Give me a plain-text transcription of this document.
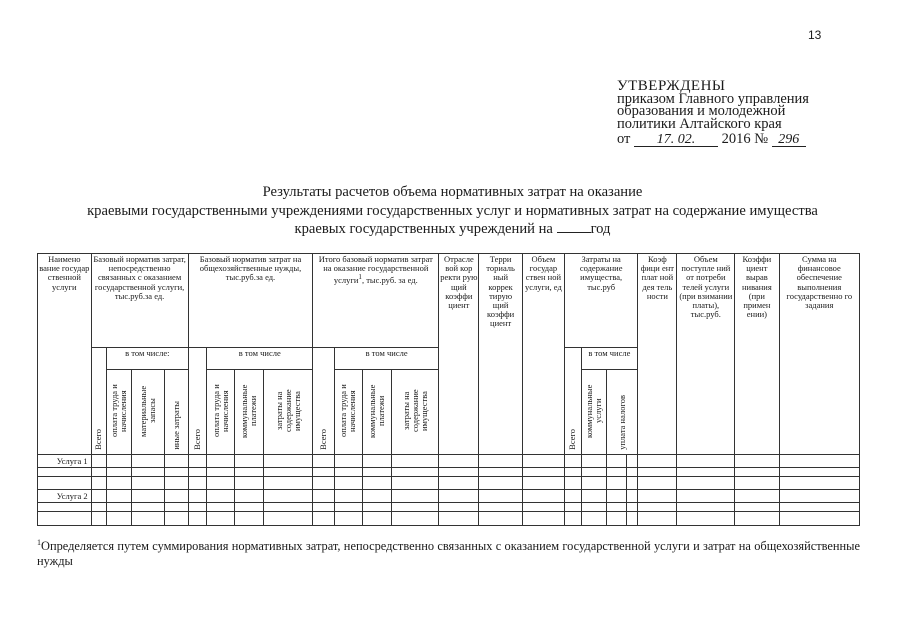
13
УТВЕРЖДЕНЫ
приказом Главного управления
образования и молодежной
политики Алтайского края
от 17. 02. 2016 № 296
Результаты расчетов объема нормативных затрат на оказание
краевыми государственными учреждениями государственных услуг и нормативных затрат на содержание имущества
краевых государственных учреждений на	год
Наимено вание государ ственной услуги	Базовый норматив затрат, непосредственно связанных с оказанием государственной услуги, тыс.руб.за ед.				Базовый норматив затрат на общехозяйственные нужды, тыс.руб.за ед.				Итого базовый норматив затрат на оказание государственной услуги$^1$, тыс.руб. за ед.				Отрасле вой кор ректи рую щий коэффи циент	Терри ториаль ный коррек тирую щий коэффи циент	Объем государ ствен ной услуги, ед	Затраты на содержание имущества, тыс.руб				Коэф фици ент плат ной дея тель ности	Объем поступле ний от потреби телей услуги (при взимании платы), тыс.руб.	Коэффи циент вырав нивания (при примен ении)	Сумма на финансовое обеспечение выполнения государственно го задания
	Всего	в том числе:			Всего	в том числе			Всего	в том числе						Всего	в том числе						
		оплата труда и начисления	материальные запасы	иные затраты		оплата труда и начисления	коммунальные платежи	затраты на содержание имущества		оплата труда и начисления	коммунальные платежи	затраты на содержание имущества					коммунальные услуги	уплата налогов					
Услуга 1																							

Услуга 2																							

$^1$Определяется путем суммирования нормативных затрат, непосредственно связанных с оказанием государственной услуги и затрат на общехозяйственные нужды
